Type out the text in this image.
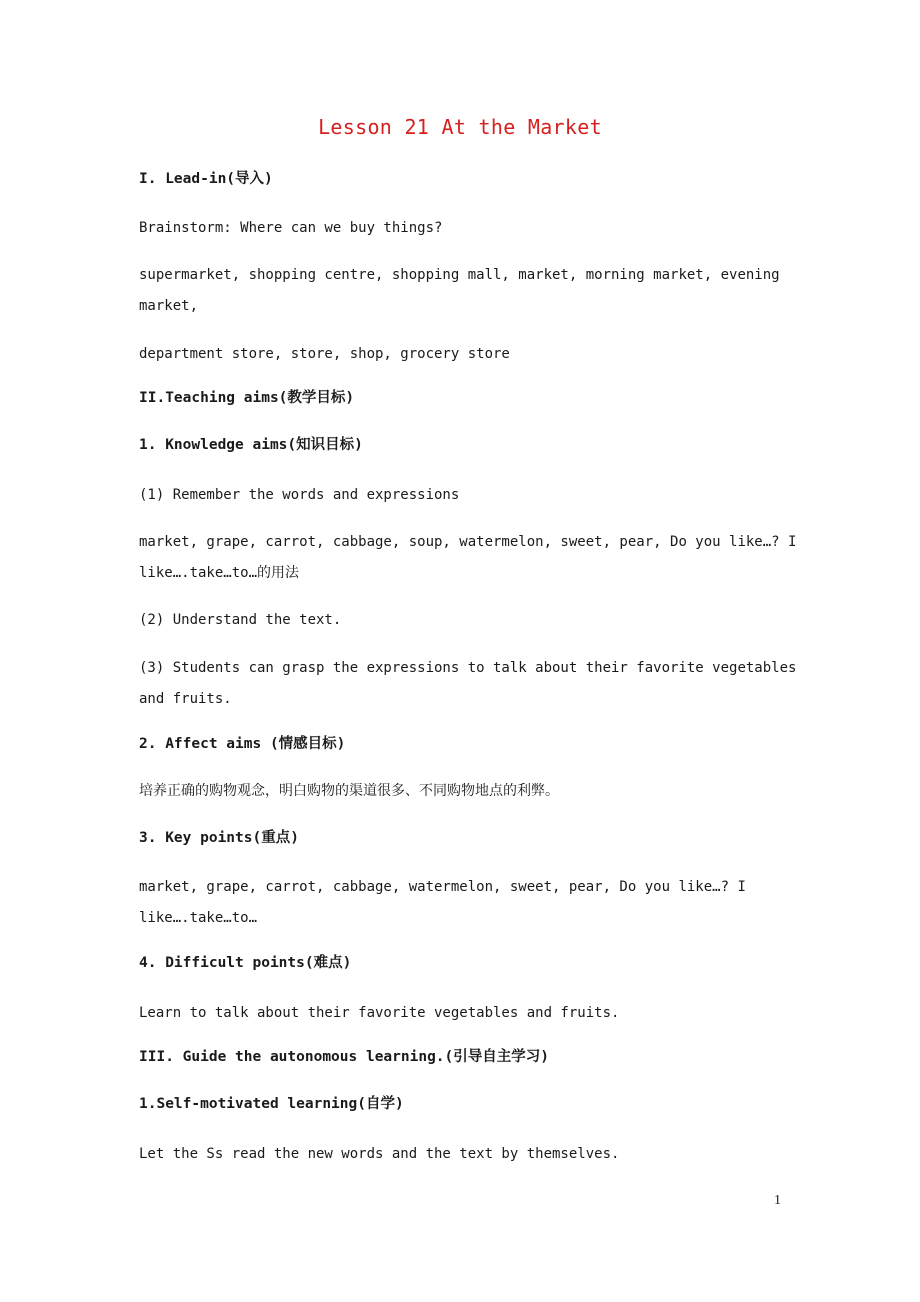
Lesson 21 At the Market
I. Lead-in(导入)
Brainstorm: Where can we buy things?
supermarket, shopping centre, shopping mall, market, morning market, evening market,
department store, store, shop, grocery store
II.Teaching aims(教学目标)
1. Knowledge aims(知识目标)
(1) Remember the words and expressions
market, grape, carrot, cabbage, soup, watermelon, sweet, pear, Do you like…? I like….take…to…的用法
(2) Understand the text.
(3) Students can grasp the expressions to talk about their favorite vegetables and fruits.
2. Affect aims (情感目标)
培养正确的购物观念，明白购物的渠道很多、不同购物地点的利弊。
3. Key points(重点)
market, grape, carrot, cabbage, watermelon, sweet, pear, Do you like…? I like….take…to…
4. Difficult points(难点)
Learn to talk about their favorite vegetables and fruits.
III. Guide the autonomous learning.(引导自主学习)
1.Self-motivated learning(自学)
Let the Ss read the new words and the text by themselves.
1
